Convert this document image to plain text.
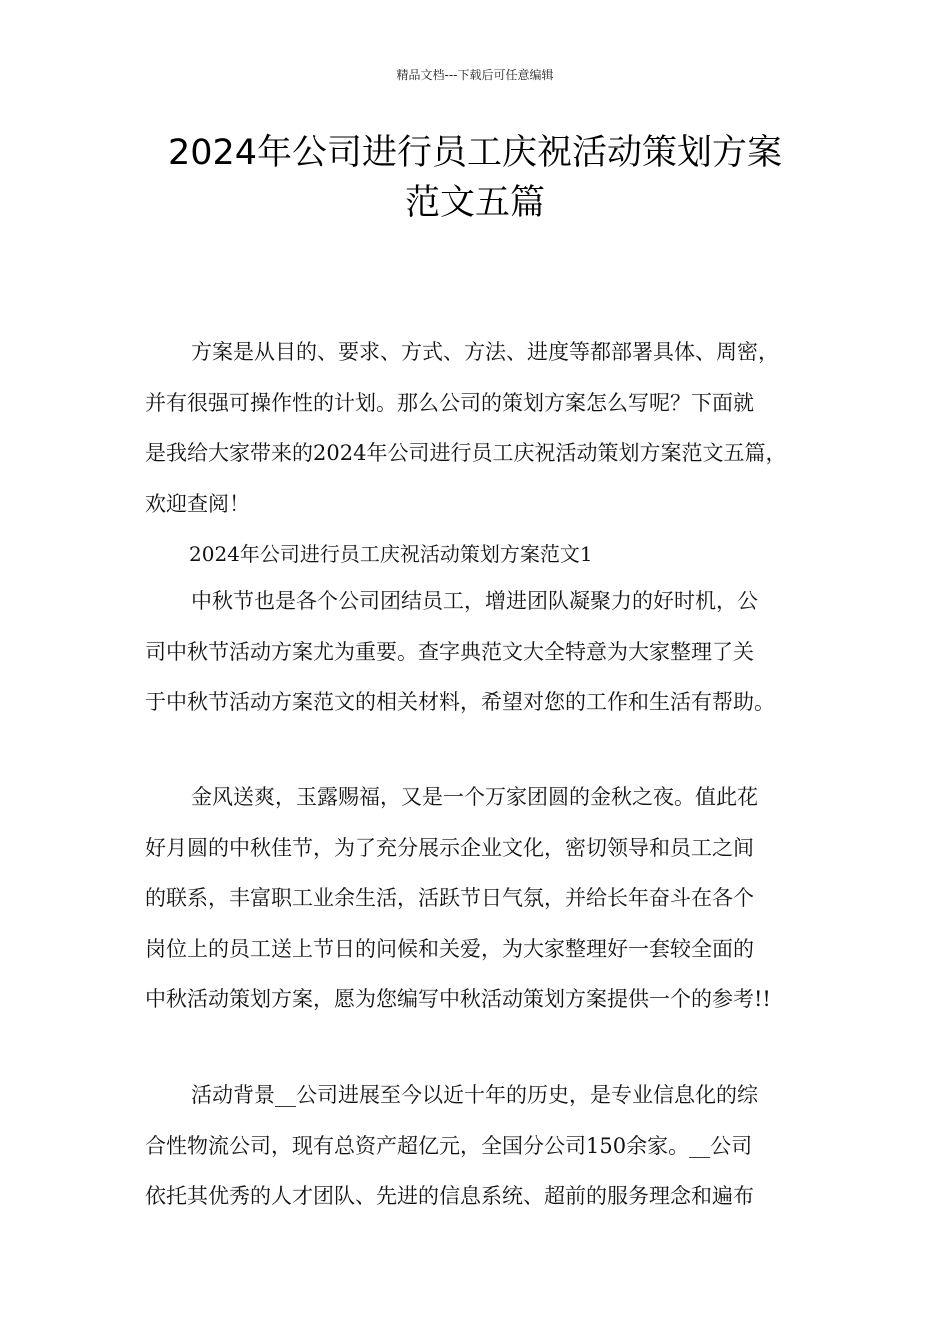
精品文档---下载后可任意编辑
2024年公司进行员工庆祝活动策划方案
范文五篇

方案是从目的、要求、方式、方法、进度等都部署具体、周密，
并有很强可操作性的计划。那么公司的策划方案怎么写呢？下面就
是我给大家带来的2024年公司进行员工庆祝活动策划方案范文五篇，
欢迎查阅！

2024年公司进行员工庆祝活动策划方案范文1

中秋节也是各个公司团结员工，增进团队凝聚力的好时机，公
司中秋节活动方案尤为重要。查字典范文大全特意为大家整理了关
于中秋节活动方案范文的相关材料，希望对您的工作和生活有帮助。

金风送爽，玉露赐福，又是一个万家团圆的金秋之夜。值此花
好月圆的中秋佳节，为了充分展示企业文化，密切领导和员工之间
的联系，丰富职工业余生活，活跃节日气氛，并给长年奋斗在各个
岗位上的员工送上节日的问候和关爱，为大家整理好一套较全面的
中秋活动策划方案，愿为您编写中秋活动策划方案提供一个的参考!!

活动背景__公司进展至今以近十年的历史，是专业信息化的综
合性物流公司，现有总资产超亿元，全国分公司150余家。__公司
依托其优秀的人才团队、先进的信息系统、超前的服务理念和遍布
